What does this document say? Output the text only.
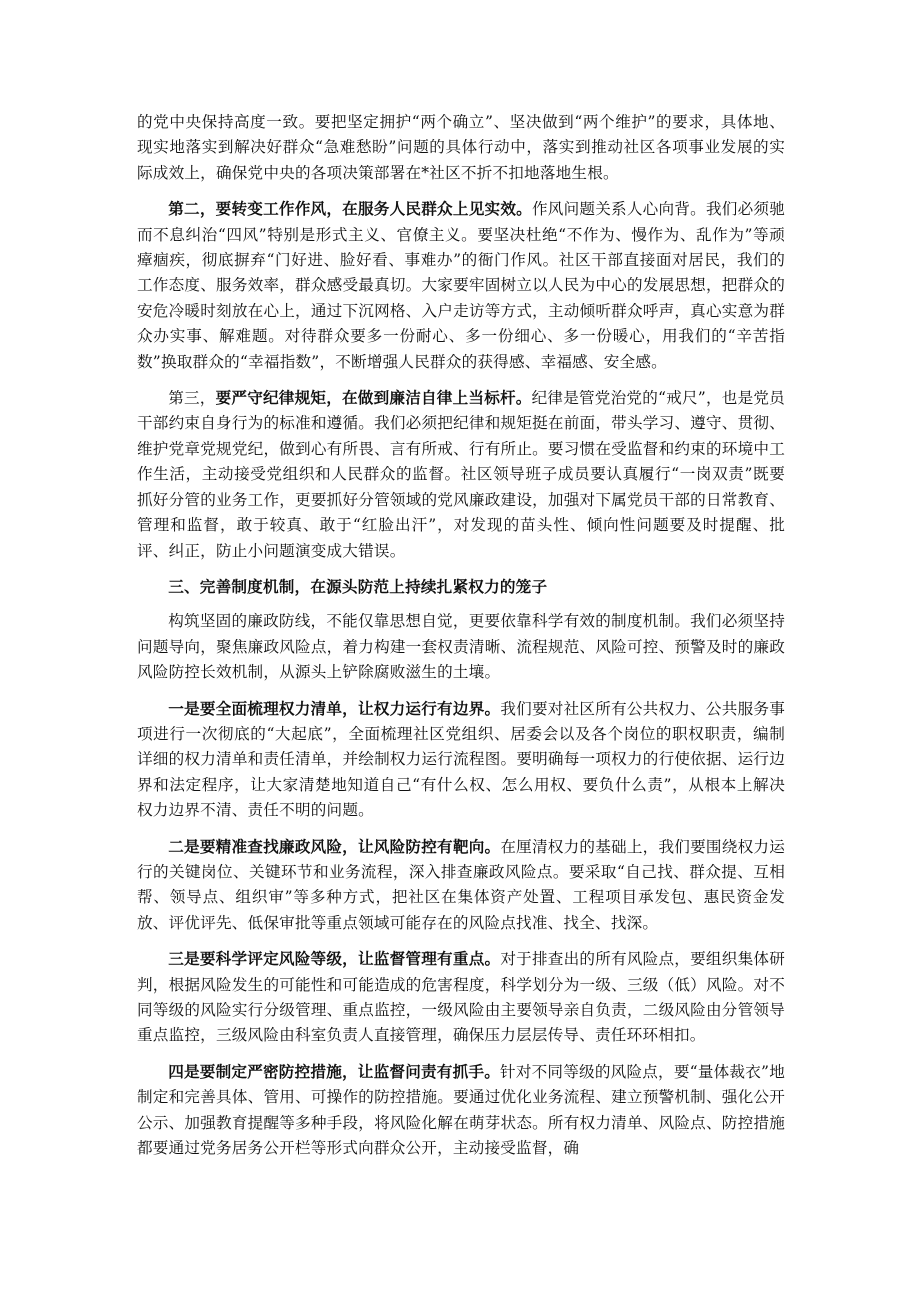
的党中央保持高度一致。要把坚定拥护“两个确立”、坚决做到“两个维护”的要求，具体地、现实地落实到解决好群众“急难愁盼”问题的具体行动中，落实到推动社区各项事业发展的实际成效上，确保党中央的各项决策部署在*社区不折不扣地落地生根。

第二，要转变工作作风，在服务人民群众上见实效。作风问题关系人心向背。我们必须驰而不息纠治“四风”特别是形式主义、官僚主义。要坚决杜绝“不作为、慢作为、乱作为”等顽瘴痼疾，彻底摒弃“门好进、脸好看、事难办”的衙门作风。社区干部直接面对居民，我们的工作态度、服务效率，群众感受最真切。大家要牢固树立以人民为中心的发展思想，把群众的安危冷暖时刻放在心上，通过下沉网格、入户走访等方式，主动倾听群众呼声，真心实意为群众办实事、解难题。对待群众要多一份耐心、多一份细心、多一份暖心，用我们的“辛苦指数”换取群众的“幸福指数”，不断增强人民群众的获得感、幸福感、安全感。

第三，要严守纪律规矩，在做到廉洁自律上当标杆。纪律是管党治党的“戒尺”，也是党员干部约束自身行为的标准和遵循。我们必须把纪律和规矩挺在前面，带头学习、遵守、贯彻、维护党章党规党纪，做到心有所畏、言有所戒、行有所止。要习惯在受监督和约束的环境中工作生活，主动接受党组织和人民群众的监督。社区领导班子成员要认真履行“一岗双责”既要抓好分管的业务工作，更要抓好分管领域的党风廉政建设，加强对下属党员干部的日常教育、管理和监督，敢于较真、敢于“红脸出汗”，对发现的苗头性、倾向性问题要及时提醒、批评、纠正，防止小问题演变成大错误。

三、完善制度机制，在源头防范上持续扎紧权力的笼子

构筑坚固的廉政防线，不能仅靠思想自觉，更要依靠科学有效的制度机制。我们必须坚持问题导向，聚焦廉政风险点，着力构建一套权责清晰、流程规范、风险可控、预警及时的廉政风险防控长效机制，从源头上铲除腐败滋生的土壤。

一是要全面梳理权力清单，让权力运行有边界。我们要对社区所有公共权力、公共服务事项进行一次彻底的“大起底”，全面梳理社区党组织、居委会以及各个岗位的职权职责，编制详细的权力清单和责任清单，并绘制权力运行流程图。要明确每一项权力的行使依据、运行边界和法定程序，让大家清楚地知道自己“有什么权、怎么用权、要负什么责”，从根本上解决权力边界不清、责任不明的问题。

二是要精准查找廉政风险，让风险防控有靶向。在厘清权力的基础上，我们要围绕权力运行的关键岗位、关键环节和业务流程，深入排查廉政风险点。要采取“自己找、群众提、互相帮、领导点、组织审”等多种方式，把社区在集体资产处置、工程项目承发包、惠民资金发放、评优评先、低保审批等重点领域可能存在的风险点找准、找全、找深。

三是要科学评定风险等级，让监督管理有重点。对于排查出的所有风险点，要组织集体研判，根据风险发生的可能性和可能造成的危害程度，科学划分为一级、三级（低）风险。对不同等级的风险实行分级管理、重点监控，一级风险由主要领导亲自负责，二级风险由分管领导重点监控，三级风险由科室负责人直接管理，确保压力层层传导、责任环环相扣。

四是要制定严密防控措施，让监督问责有抓手。针对不同等级的风险点，要“量体裁衣”地制定和完善具体、管用、可操作的防控措施。要通过优化业务流程、建立预警机制、强化公开公示、加强教育提醒等多种手段，将风险化解在萌芽状态。所有权力清单、风险点、防控措施都要通过党务居务公开栏等形式向群众公开，主动接受监督，确
